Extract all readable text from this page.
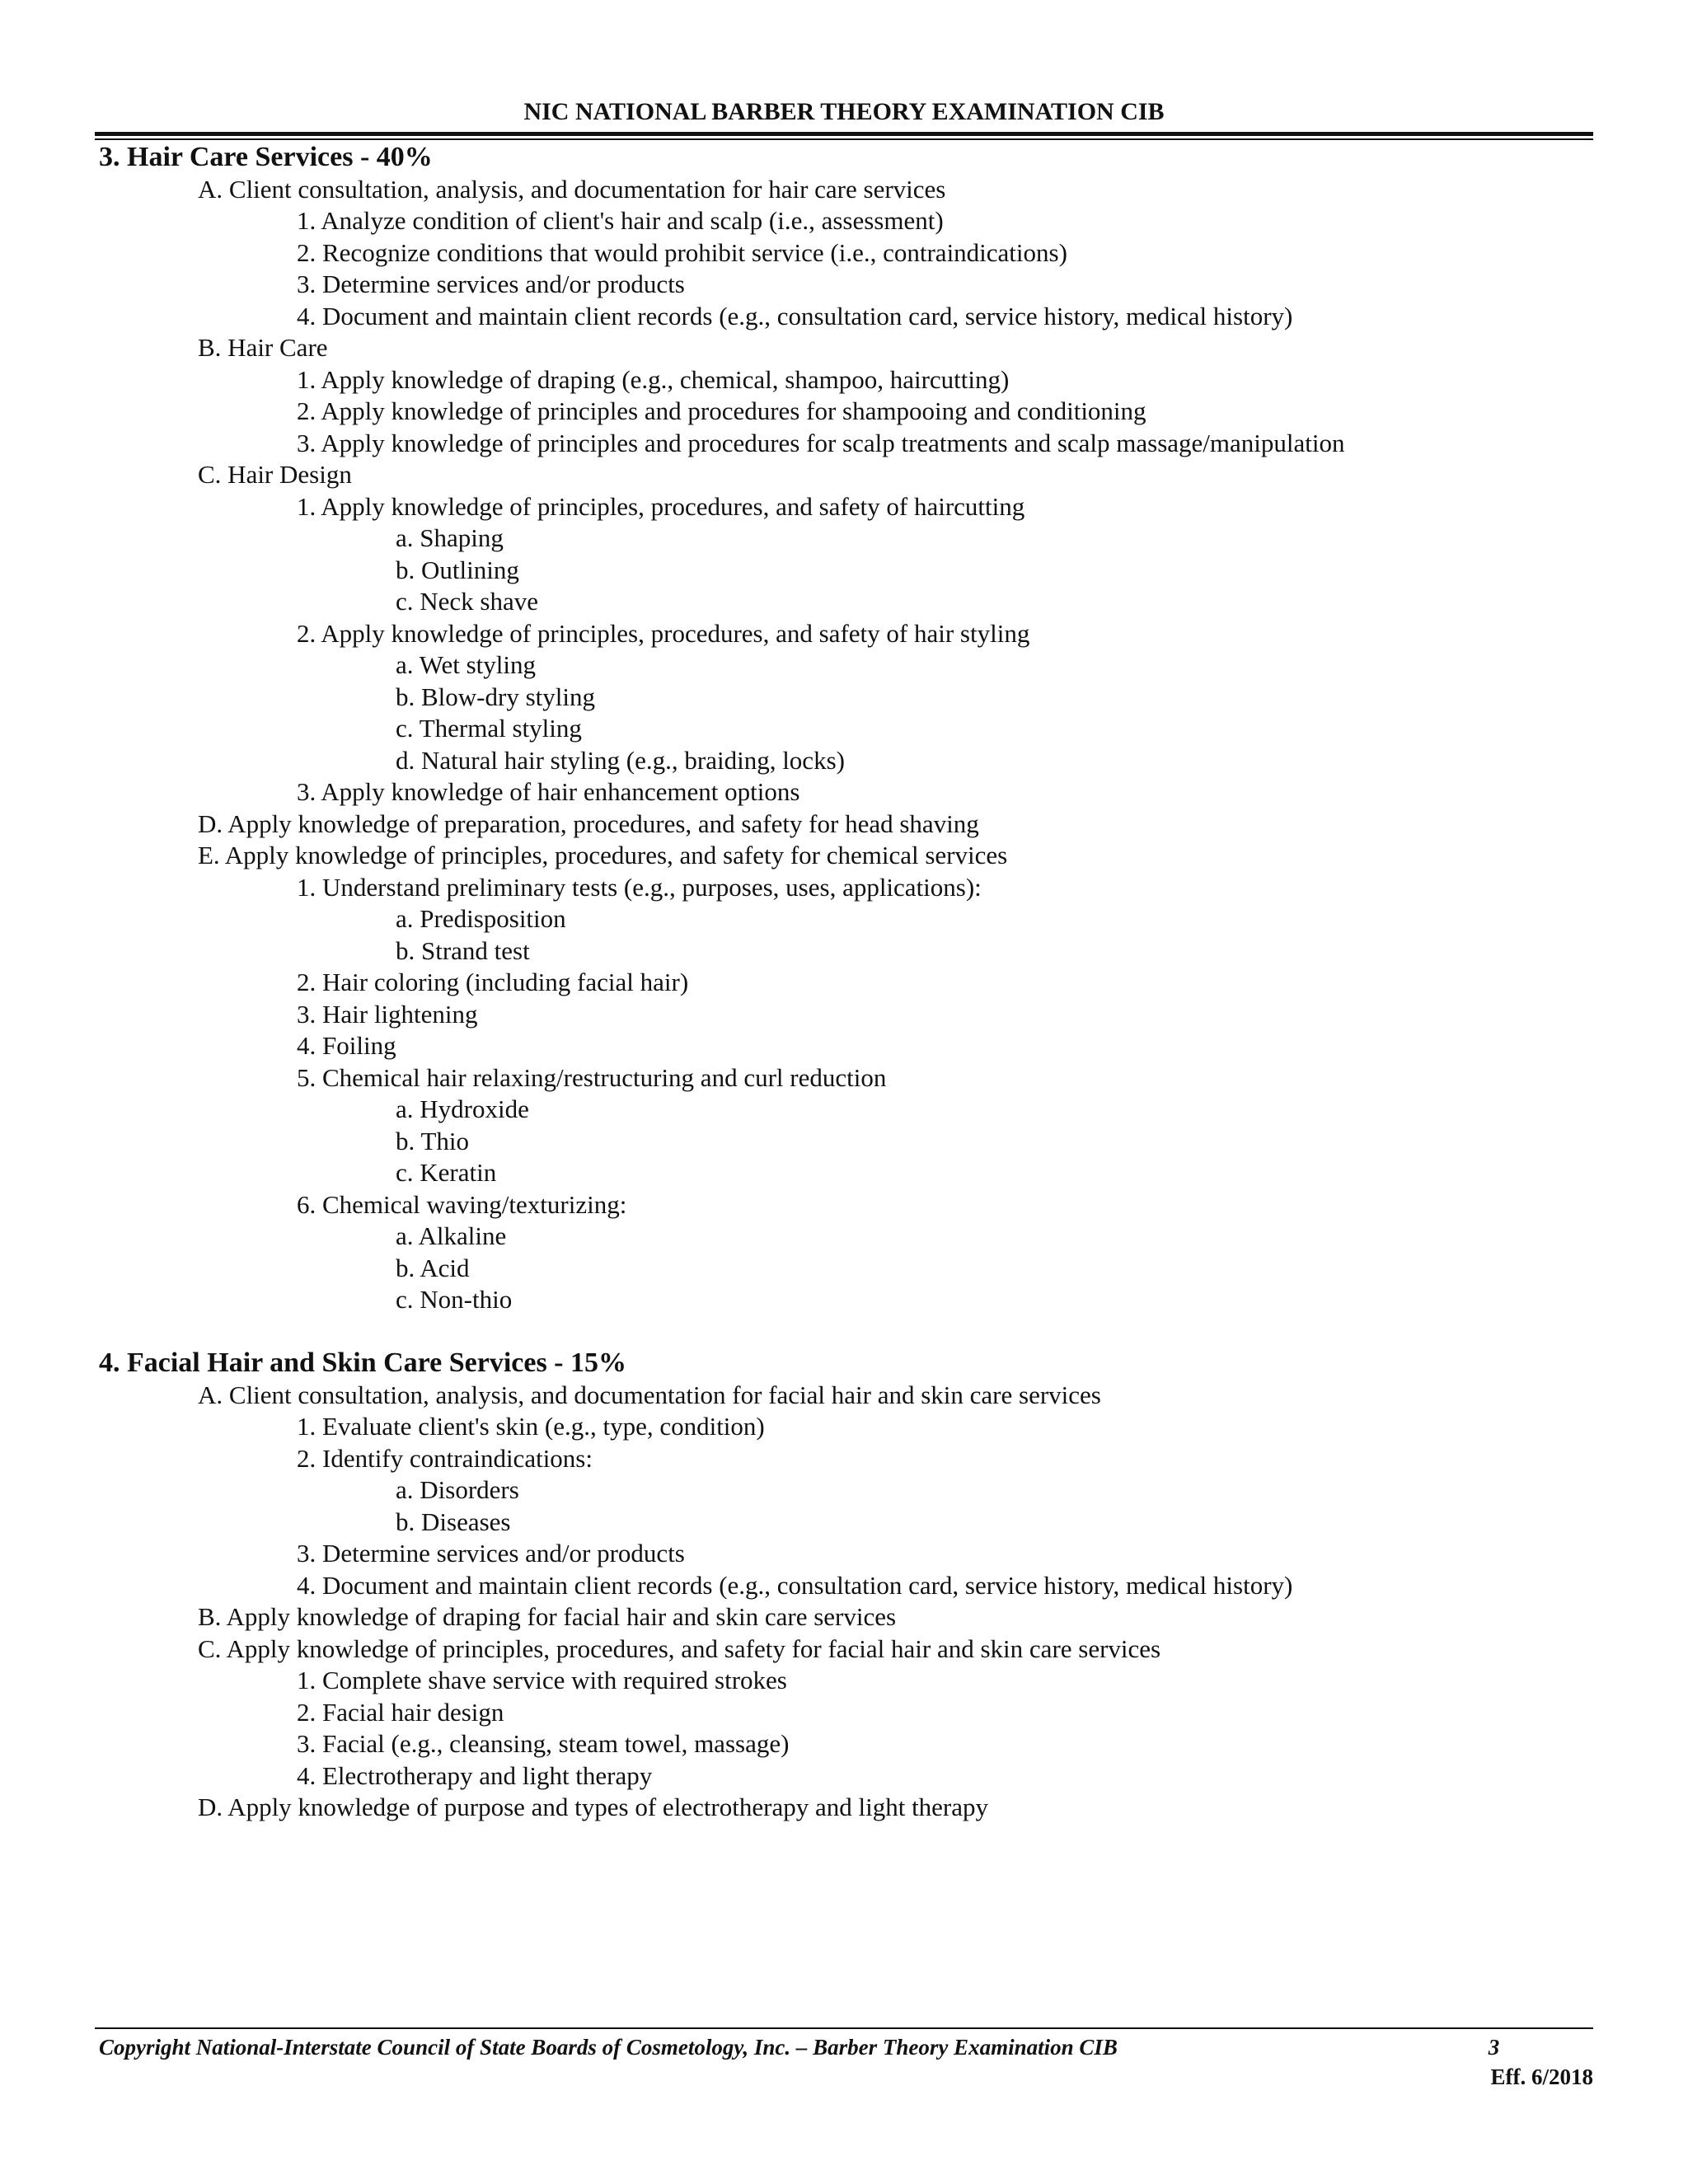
NIC NATIONAL BARBER THEORY EXAMINATION CIB
3. Hair Care Services - 40%
A. Client consultation, analysis, and documentation for hair care services
1. Analyze condition of client's hair and scalp (i.e., assessment)
2. Recognize conditions that would prohibit service (i.e., contraindications)
3. Determine services and/or products
4. Document and maintain client records (e.g., consultation card, service history, medical history)
B. Hair Care
1. Apply knowledge of draping (e.g., chemical, shampoo, haircutting)
2. Apply knowledge of principles and procedures for shampooing and conditioning
3. Apply knowledge of principles and procedures for scalp treatments and scalp massage/manipulation
C. Hair Design
1. Apply knowledge of principles, procedures, and safety of haircutting
a. Shaping
b. Outlining
c. Neck shave
2. Apply knowledge of principles, procedures, and safety of hair styling
a. Wet styling
b. Blow-dry styling
c. Thermal styling
d. Natural hair styling (e.g., braiding, locks)
3. Apply knowledge of hair enhancement options
D. Apply knowledge of preparation, procedures, and safety for head shaving
E. Apply knowledge of principles, procedures, and safety for chemical services
1. Understand preliminary tests (e.g., purposes, uses, applications):
a. Predisposition
b. Strand test
2. Hair coloring (including facial hair)
3. Hair lightening
4. Foiling
5. Chemical hair relaxing/restructuring and curl reduction
a. Hydroxide
b. Thio
c. Keratin
6. Chemical waving/texturizing:
a. Alkaline
b. Acid
c. Non-thio
4. Facial Hair and Skin Care Services - 15%
A. Client consultation, analysis, and documentation for facial hair and skin care services
1. Evaluate client's skin (e.g., type, condition)
2. Identify contraindications:
a. Disorders
b. Diseases
3. Determine services and/or products
4. Document and maintain client records (e.g., consultation card, service history, medical history)
B. Apply knowledge of draping for facial hair and skin care services
C. Apply knowledge of principles, procedures, and safety for facial hair and skin care services
1. Complete shave service with required strokes
2. Facial hair design
3. Facial (e.g., cleansing, steam towel, massage)
4. Electrotherapy and light therapy
D. Apply knowledge of purpose and types of electrotherapy and light therapy
Copyright National-Interstate Council of State Boards of Cosmetology, Inc. – Barber Theory Examination CIB	3
Eff. 6/2018
